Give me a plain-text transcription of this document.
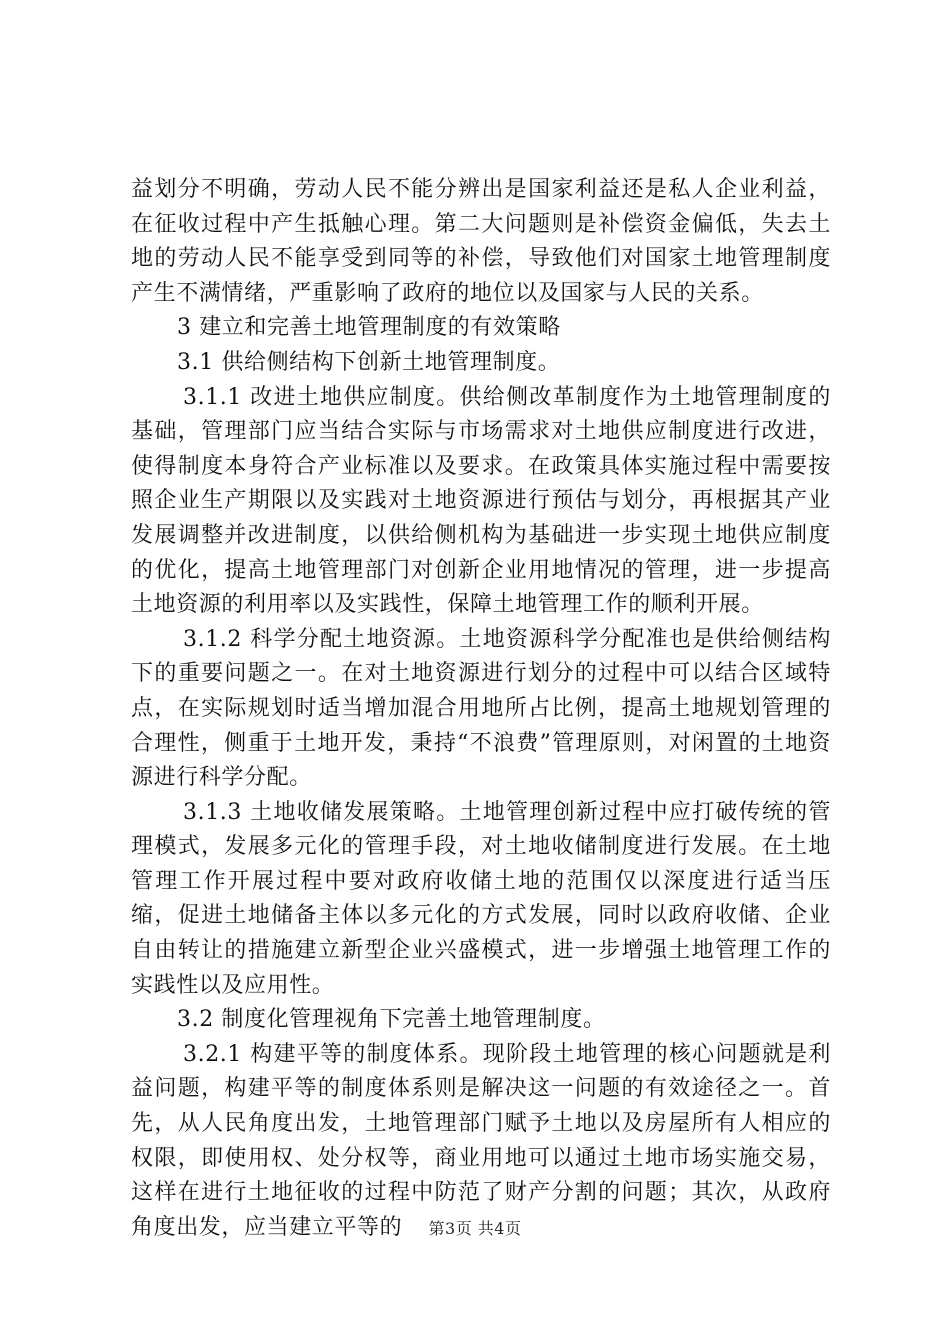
益划分不明确，劳动人民不能分辨出是国家利益还是私人企业利益，在征收过程中产生抵触心理。第二大问题则是补偿资金偏低，失去土地的劳动人民不能享受到同等的补偿，导致他们对国家土地管理制度产生不满情绪，严重影响了政府的地位以及国家与人民的关系。

3 建立和完善土地管理制度的有效策略

3.1 供给侧结构下创新土地管理制度。

3.1.1 改进土地供应制度。供给侧改革制度作为土地管理制度的基础，管理部门应当结合实际与市场需求对土地供应制度进行改进，使得制度本身符合产业标准以及要求。在政策具体实施过程中需要按照企业生产期限以及实践对土地资源进行预估与划分，再根据其产业发展调整并改进制度，以供给侧机构为基础进一步实现土地供应制度的优化，提高土地管理部门对创新企业用地情况的管理，进一步提高土地资源的利用率以及实践性，保障土地管理工作的顺利开展。

3.1.2 科学分配土地资源。土地资源科学分配准也是供给侧结构下的重要问题之一。在对土地资源进行划分的过程中可以结合区域特点，在实际规划时适当增加混合用地所占比例，提高土地规划管理的合理性，侧重于土地开发，秉持“不浪费”管理原则，对闲置的土地资源进行科学分配。

3.1.3 土地收储发展策略。土地管理创新过程中应打破传统的管理模式，发展多元化的管理手段，对土地收储制度进行发展。在土地管理工作开展过程中要对政府收储土地的范围仅以深度进行适当压缩，促进土地储备主体以多元化的方式发展，同时以政府收储、企业自由转让的措施建立新型企业兴盛模式，进一步增强土地管理工作的实践性以及应用性。

3.2 制度化管理视角下完善土地管理制度。

3.2.1 构建平等的制度体系。现阶段土地管理的核心问题就是利益问题，构建平等的制度体系则是解决这一问题的有效途径之一。首先，从人民角度出发，土地管理部门赋予土地以及房屋所有人相应的权限，即使用权、处分权等，商业用地可以通过土地市场实施交易，这样在进行土地征收的过程中防范了财产分割的问题；其次，从政府角度出发，应当建立平等的	第3页 共4页
